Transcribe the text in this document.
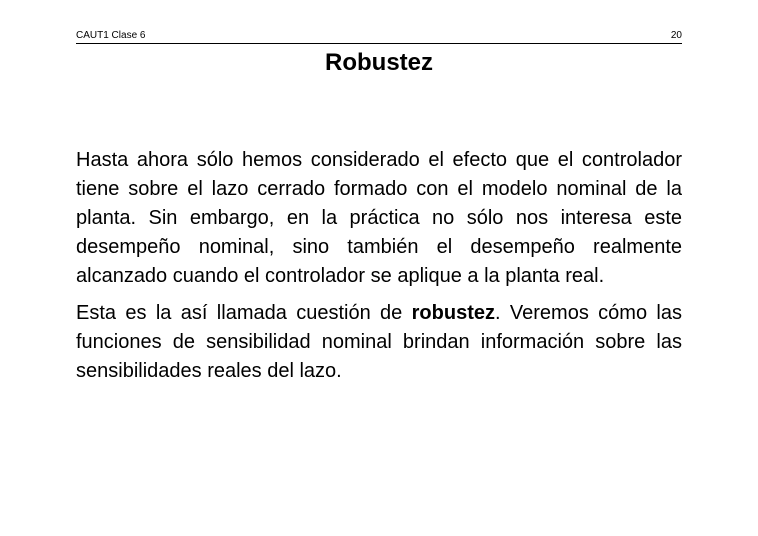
CAUT1 Clase 6	20
Robustez

Hasta ahora sólo hemos considerado el efecto que el controlador tiene sobre el lazo cerrado formado con el modelo nominal de la planta. Sin embargo, en la práctica no sólo nos interesa este desempeño nominal, sino también el desempeño realmente alcanzado cuando el controlador se aplique a la planta real.

Esta es la así llamada cuestión de robustez. Veremos cómo las funciones de sensibilidad nominal brindan información sobre las sensibilidades reales del lazo.
